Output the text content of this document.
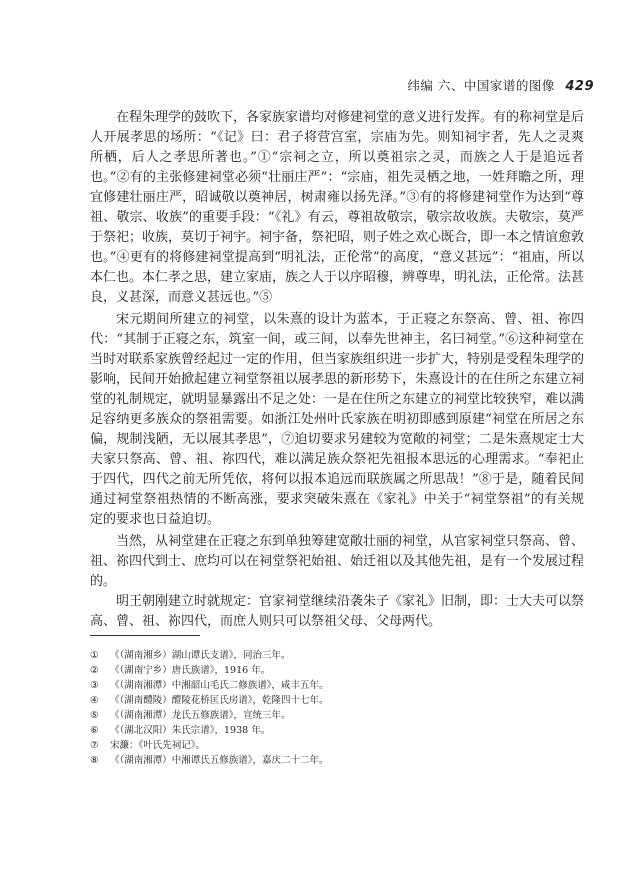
纬编 六、中国家谱的图像 429

在程朱理学的鼓吹下，各家族家谱均对修建祠堂的意义进行发挥。有的称祠堂是后人开展孝思的场所：“《记》曰：君子将营宫室，宗庙为先。则知祠宇者，先人之灵爽所栖，后人之孝思所著也。”①“宗祠之立，所以奠祖宗之灵，而族之人于是追远者也。”②有的主张修建祠堂必须“壮丽庄严”：“宗庙，祖先灵栖之地，一姓拜瞻之所，理宜修建壮丽庄严，昭诚敬以奠神居，树肃雍以扬先泽。”③有的将修建祠堂作为达到“尊祖、敬宗、收族”的重要手段：“《礼》有云，尊祖故敬宗，敬宗故收族。夫敬宗，莫严于祭祀；收族，莫切于祠宇。祠宇备，祭祀昭，则子姓之欢心既合，即一本之情谊愈敦也。”④更有的将修建祠堂提高到“明礼法，正伦常”的高度，“意义甚远”：“祖庙，所以本仁也。本仁孝之思，建立家庙，族之人于以序昭穆，辨尊卑，明礼法，正伦常。法甚良，义甚深，而意义甚远也。”⑤

宋元期间所建立的祠堂，以朱熹的设计为蓝本，于正寝之东祭高、曾、祖、祢四代：“其制于正寝之东，筑室一间，或三间，以奉先世神主，名曰祠堂。”⑥这种祠堂在当时对联系家族曾经起过一定的作用，但当家族组织进一步扩大，特别是受程朱理学的影响，民间开始掀起建立祠堂祭祖以展孝思的新形势下，朱熹设计的在住所之东建立祠堂的礼制规定，就明显暴露出不足之处：一是在住所之东建立的祠堂比较狭窄，难以满足容纳更多族众的祭祖需要。如浙江处州叶氏家族在明初即感到原建“祠堂在所居之东偏，规制浅陋，无以展其孝思”，⑦迫切要求另建较为宽敞的祠堂；二是朱熹规定士大夫家只祭高、曾、祖、祢四代，难以满足族众祭祀先祖报本思远的心理需求。“奉祀止于四代，四代之前无所凭依，将何以报本追远而联族属之所思哉！”⑧于是，随着民间通过祠堂祭祖热情的不断高涨，要求突破朱熹在《家礼》中关于“祠堂祭祖”的有关规定的要求也日益迫切。

当然，从祠堂建在正寝之东到单独筹建宽敞壮丽的祠堂，从官家祠堂只祭高、曾、祖、祢四代到士、庶均可以在祠堂祭祀始祖、始迁祖以及其他先祖，是有一个发展过程的。

明王朝刚建立时就规定：官家祠堂继续沿袭朱子《家礼》旧制，即：士大夫可以祭高、曾、祖、祢四代，而庶人则只可以祭祖父母、父母两代。

① 《（湖南湘乡）湖山谭氏支谱》，同治三年。
② 《（湖南宁乡）唐氏族谱》，1916 年。
③ 《（湖南湘潭）中湘韶山毛氏二修族谱》，咸丰五年。
④ 《（湖南醴陵）醴陵花桥匡氏房谱》，乾隆四十七年。
⑤ 《（湖南湘潭）龙氏五修族谱》，宣统三年。
⑥ 《（湖北汉阳）朱氏宗谱》，1938 年。
⑦ 宋濂：《叶氏先祠记》。
⑧ 《（湖南湘潭）中湘谭氏五修族谱》，嘉庆二十二年。
